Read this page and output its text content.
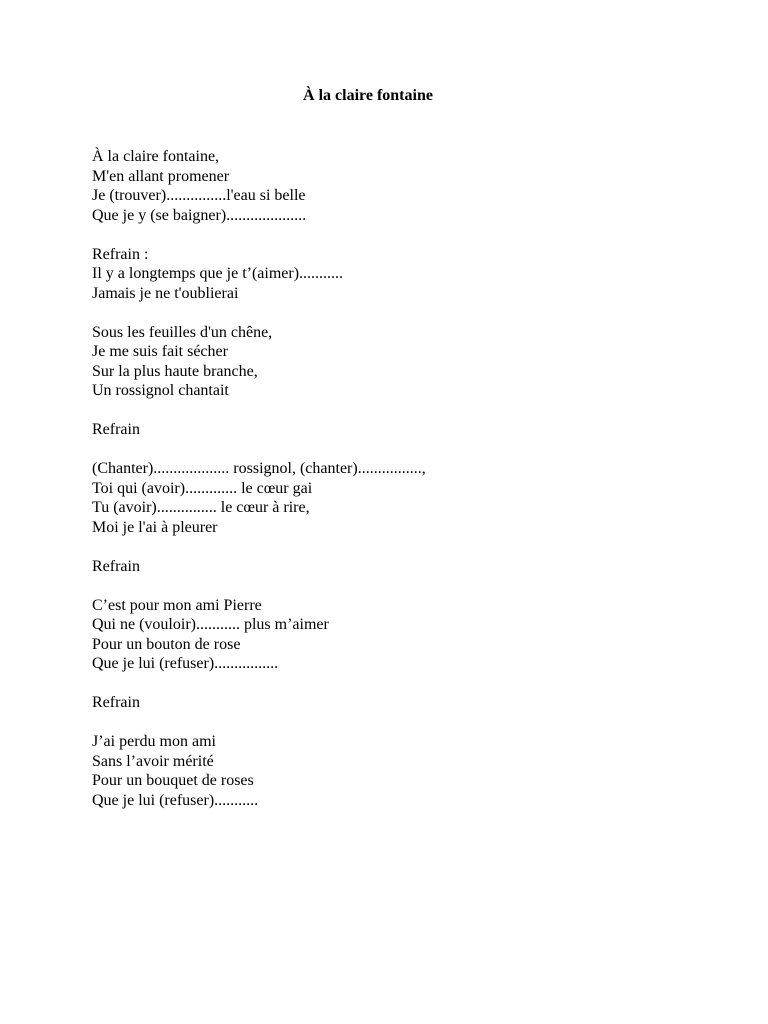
À la claire fontaine
À la claire fontaine,
M'en allant promener
Je (trouver)...............l'eau si belle
Que je y (se baigner)....................
Refrain :
Il y a longtemps que je t’(aimer)...........
Jamais je ne t'oublierai
Sous les feuilles d'un chêne,
Je me suis fait sécher
Sur la plus haute branche,
Un rossignol chantait
Refrain
(Chanter)................... rossignol, (chanter)................,
Toi qui (avoir)............. le cœur gai
Tu (avoir)............... le cœur à rire,
Moi je l'ai à pleurer
Refrain
C’est pour mon ami Pierre
Qui ne (vouloir)........... plus m’aimer
Pour un bouton de rose
Que je lui (refuser)................
Refrain
J’ai perdu mon ami
Sans l’avoir mérité
Pour un bouquet de roses
Que je lui (refuser)...........
